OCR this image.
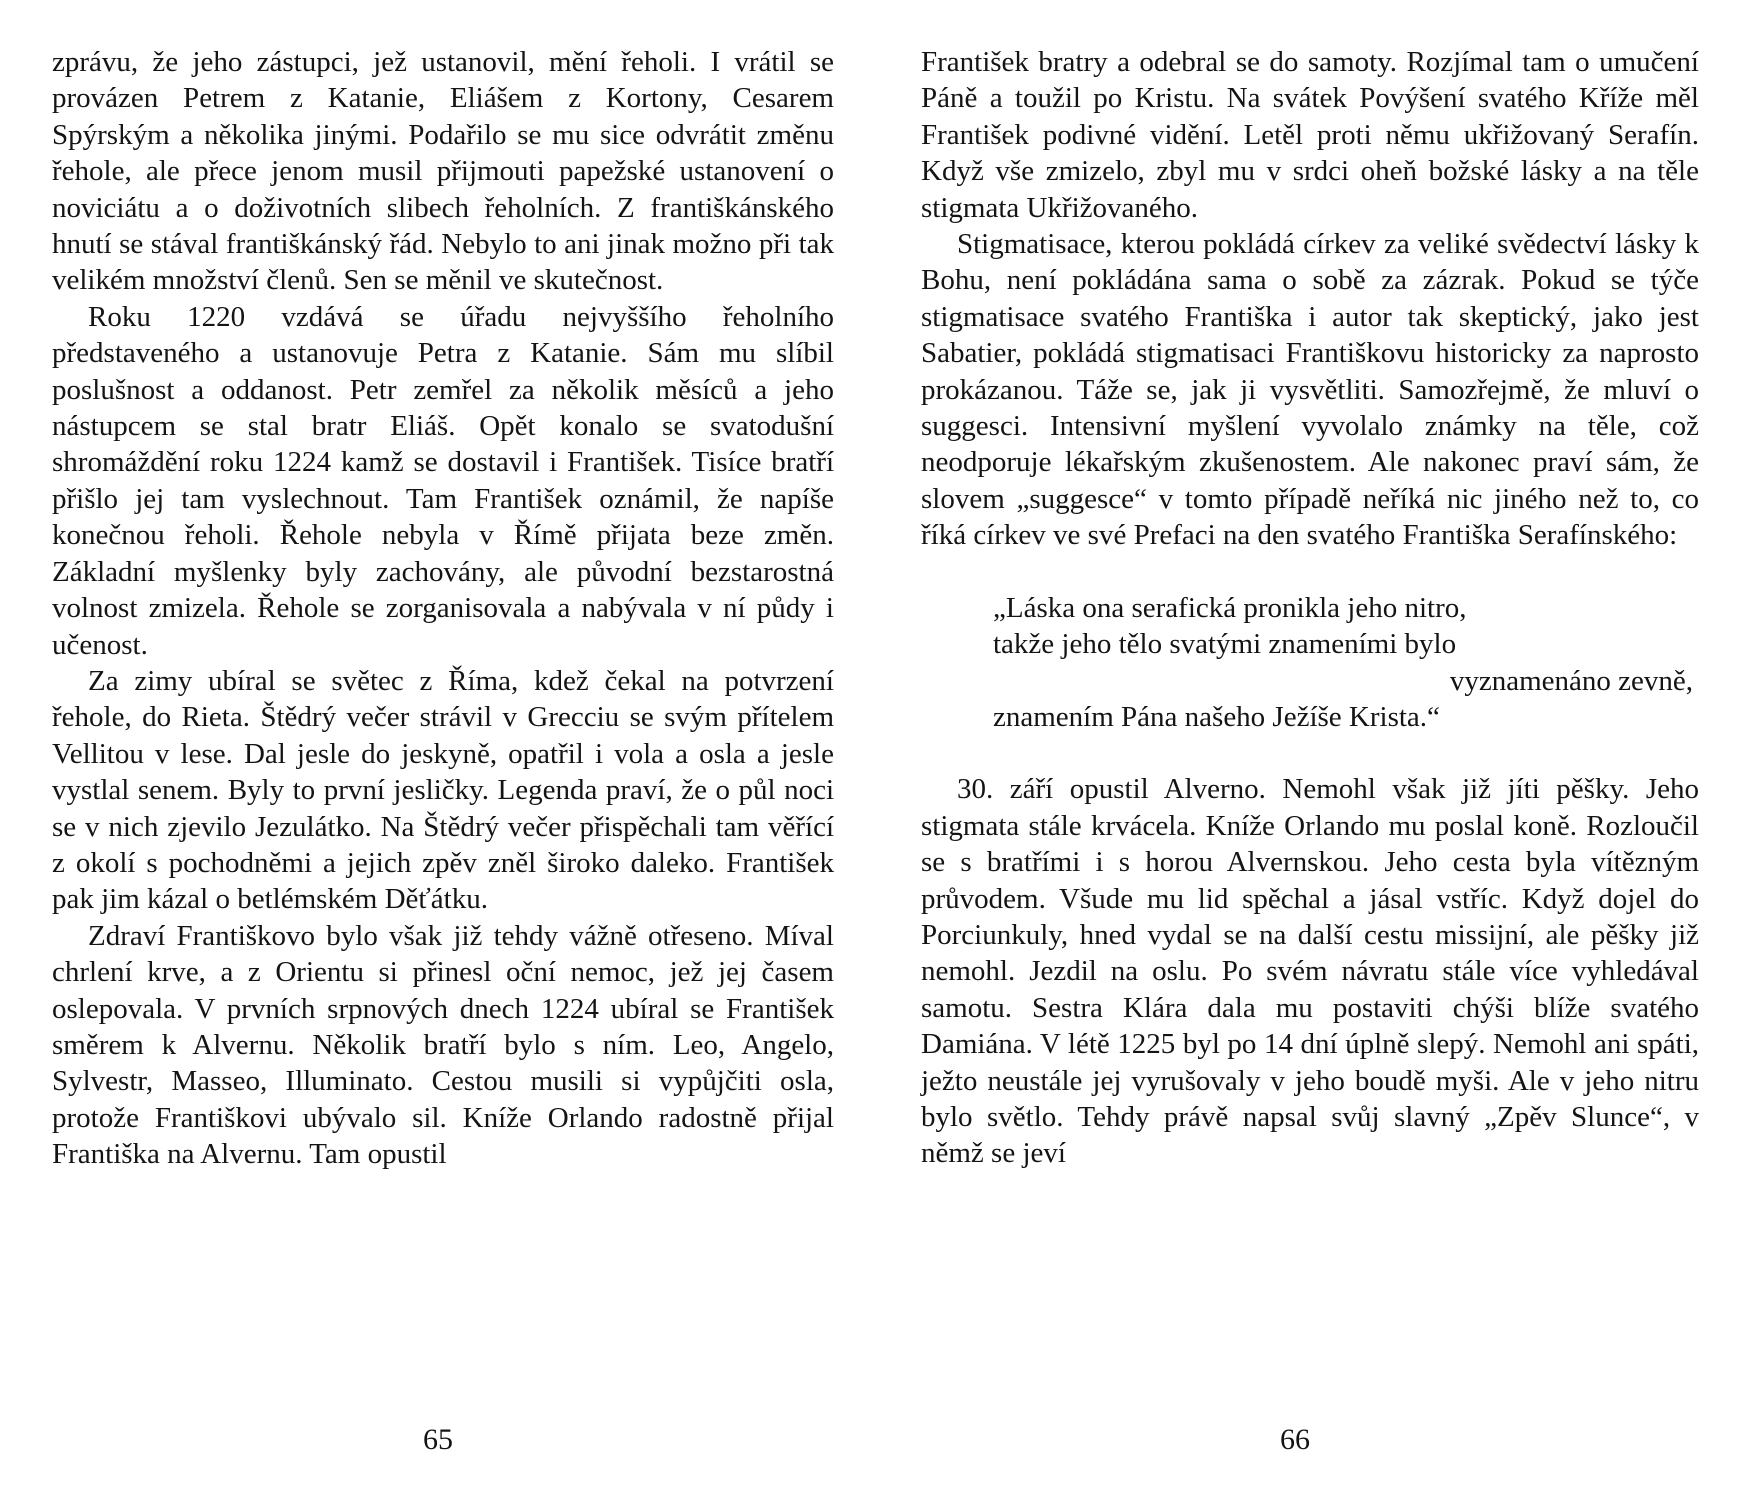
zprávu, že jeho zástupci, jež ustanovil, mění řeholi. I vrátil se provázen Petrem z Katanie, Eliášem z Kortony, Cesarem Spýrským a několika jinými. Podařilo se mu sice odvrátit změnu řehole, ale přece jenom musil přijmouti papežské ustanovení o noviciátu a o doživotních slibech řeholních. Z františkánského hnutí se stával františkánský řád. Nebylo to ani jinak možno při tak velikém množství členů. Sen se měnil ve skutečnost.

Roku 1220 vzdává se úřadu nejvyššího řeholního představeného a ustanovuje Petra z Katanie. Sám mu slíbil poslušnost a oddanost. Petr zemřel za několik měsíců a jeho nástupcem se stal bratr Eliáš. Opět konalo se svatodušní shromáždění roku 1224 kamž se dostavil i František. Tisíce bratří přišlo jej tam vyslechnout. Tam František oznámil, že napíše konečnou řeholi. Řehole nebyla v Římě přijata beze změn. Základní myšlenky byly zachovány, ale původní bezstarostná volnost zmizela. Řehole se zorganisovala a nabývala v ní půdy i učenost.

Za zimy ubíral se světec z Říma, kdež čekal na potvrzení řehole, do Rieta. Štědrý večer strávil v Grecciu se svým přítelem Vellitou v lese. Dal jesle do jeskyně, opatřil i vola a osla a jesle vystlal senem. Byly to první jesličky. Legenda praví, že o půl noci se v nich zjevilo Jezulátko. Na Štědrý večer přispěchali tam věřící z okolí s pochodněmi a jejich zpěv zněl široko daleko. František pak jim kázal o betlémském Děťátku.

Zdraví Františkovo bylo však již tehdy vážně otřeseno. Míval chrlení krve, a z Orientu si přinesl oční nemoc, jež jej časem oslepovala. V prvních srpnových dnech 1224 ubíral se František směrem k Alvernu. Několik bratří bylo s ním. Leo, Angelo, Sylvestr, Masseo, Illuminato. Cestou musili si vypůjčiti osla, protože Františkovi ubývalo sil. Kníže Orlando radostně přijal Františka na Alvernu. Tam opustil

65

František bratry a odebral se do samoty. Rozjímal tam o umučení Páně a toužil po Kristu. Na svátek Povýšení svatého Kříže měl František podivné vidění. Letěl proti němu ukřižovaný Serafín. Když vše zmizelo, zbyl mu v srdci oheň božské lásky a na těle stigmata Ukřižovaného.

Stigmatisace, kterou pokládá církev za veliké svědectví lásky k Bohu, není pokládána sama o sobě za zázrak. Pokud se týče stigmatisace svatého Františka i autor tak skeptický, jako jest Sabatier, pokládá stigmatisaci Františkovu historicky za naprosto prokázanou. Táže se, jak ji vysvětliti. Samozřejmě, že mluví o suggesci. Intensivní myšlení vyvolalo známky na těle, což neodporuje lékařským zkušenostem. Ale nakonec praví sám, že slovem „suggesce“ v tomto případě neříká nic jiného než to, co říká církev ve své Prefaci na den svatého Františka Serafínského:

„Láska ona serafická pronikla jeho nitro,
takže jeho tělo svatými znameními bylo
vyznamenáno zevně,
znamením Pána našeho Ježíše Krista.“

30. září opustil Alverno. Nemohl však již jíti pěšky. Jeho stigmata stále krvácela. Kníže Orlando mu poslal koně. Rozloučil se s bratřími i s horou Alvernskou. Jeho cesta byla vítězným průvodem. Všude mu lid spěchal a jásal vstříc. Když dojel do Porciunkuly, hned vydal se na další cestu missijní, ale pěšky již nemohl. Jezdil na oslu. Po svém návratu stále více vyhledával samotu. Sestra Klára dala mu postaviti chýši blíže svatého Damiána. V létě 1225 byl po 14 dní úplně slepý. Nemohl ani spáti, ježto neustále jej vyrušovaly v jeho boudě myši. Ale v jeho nitru bylo světlo. Tehdy právě napsal svůj slavný „Zpěv Slunce“, v němž se jeví

66
